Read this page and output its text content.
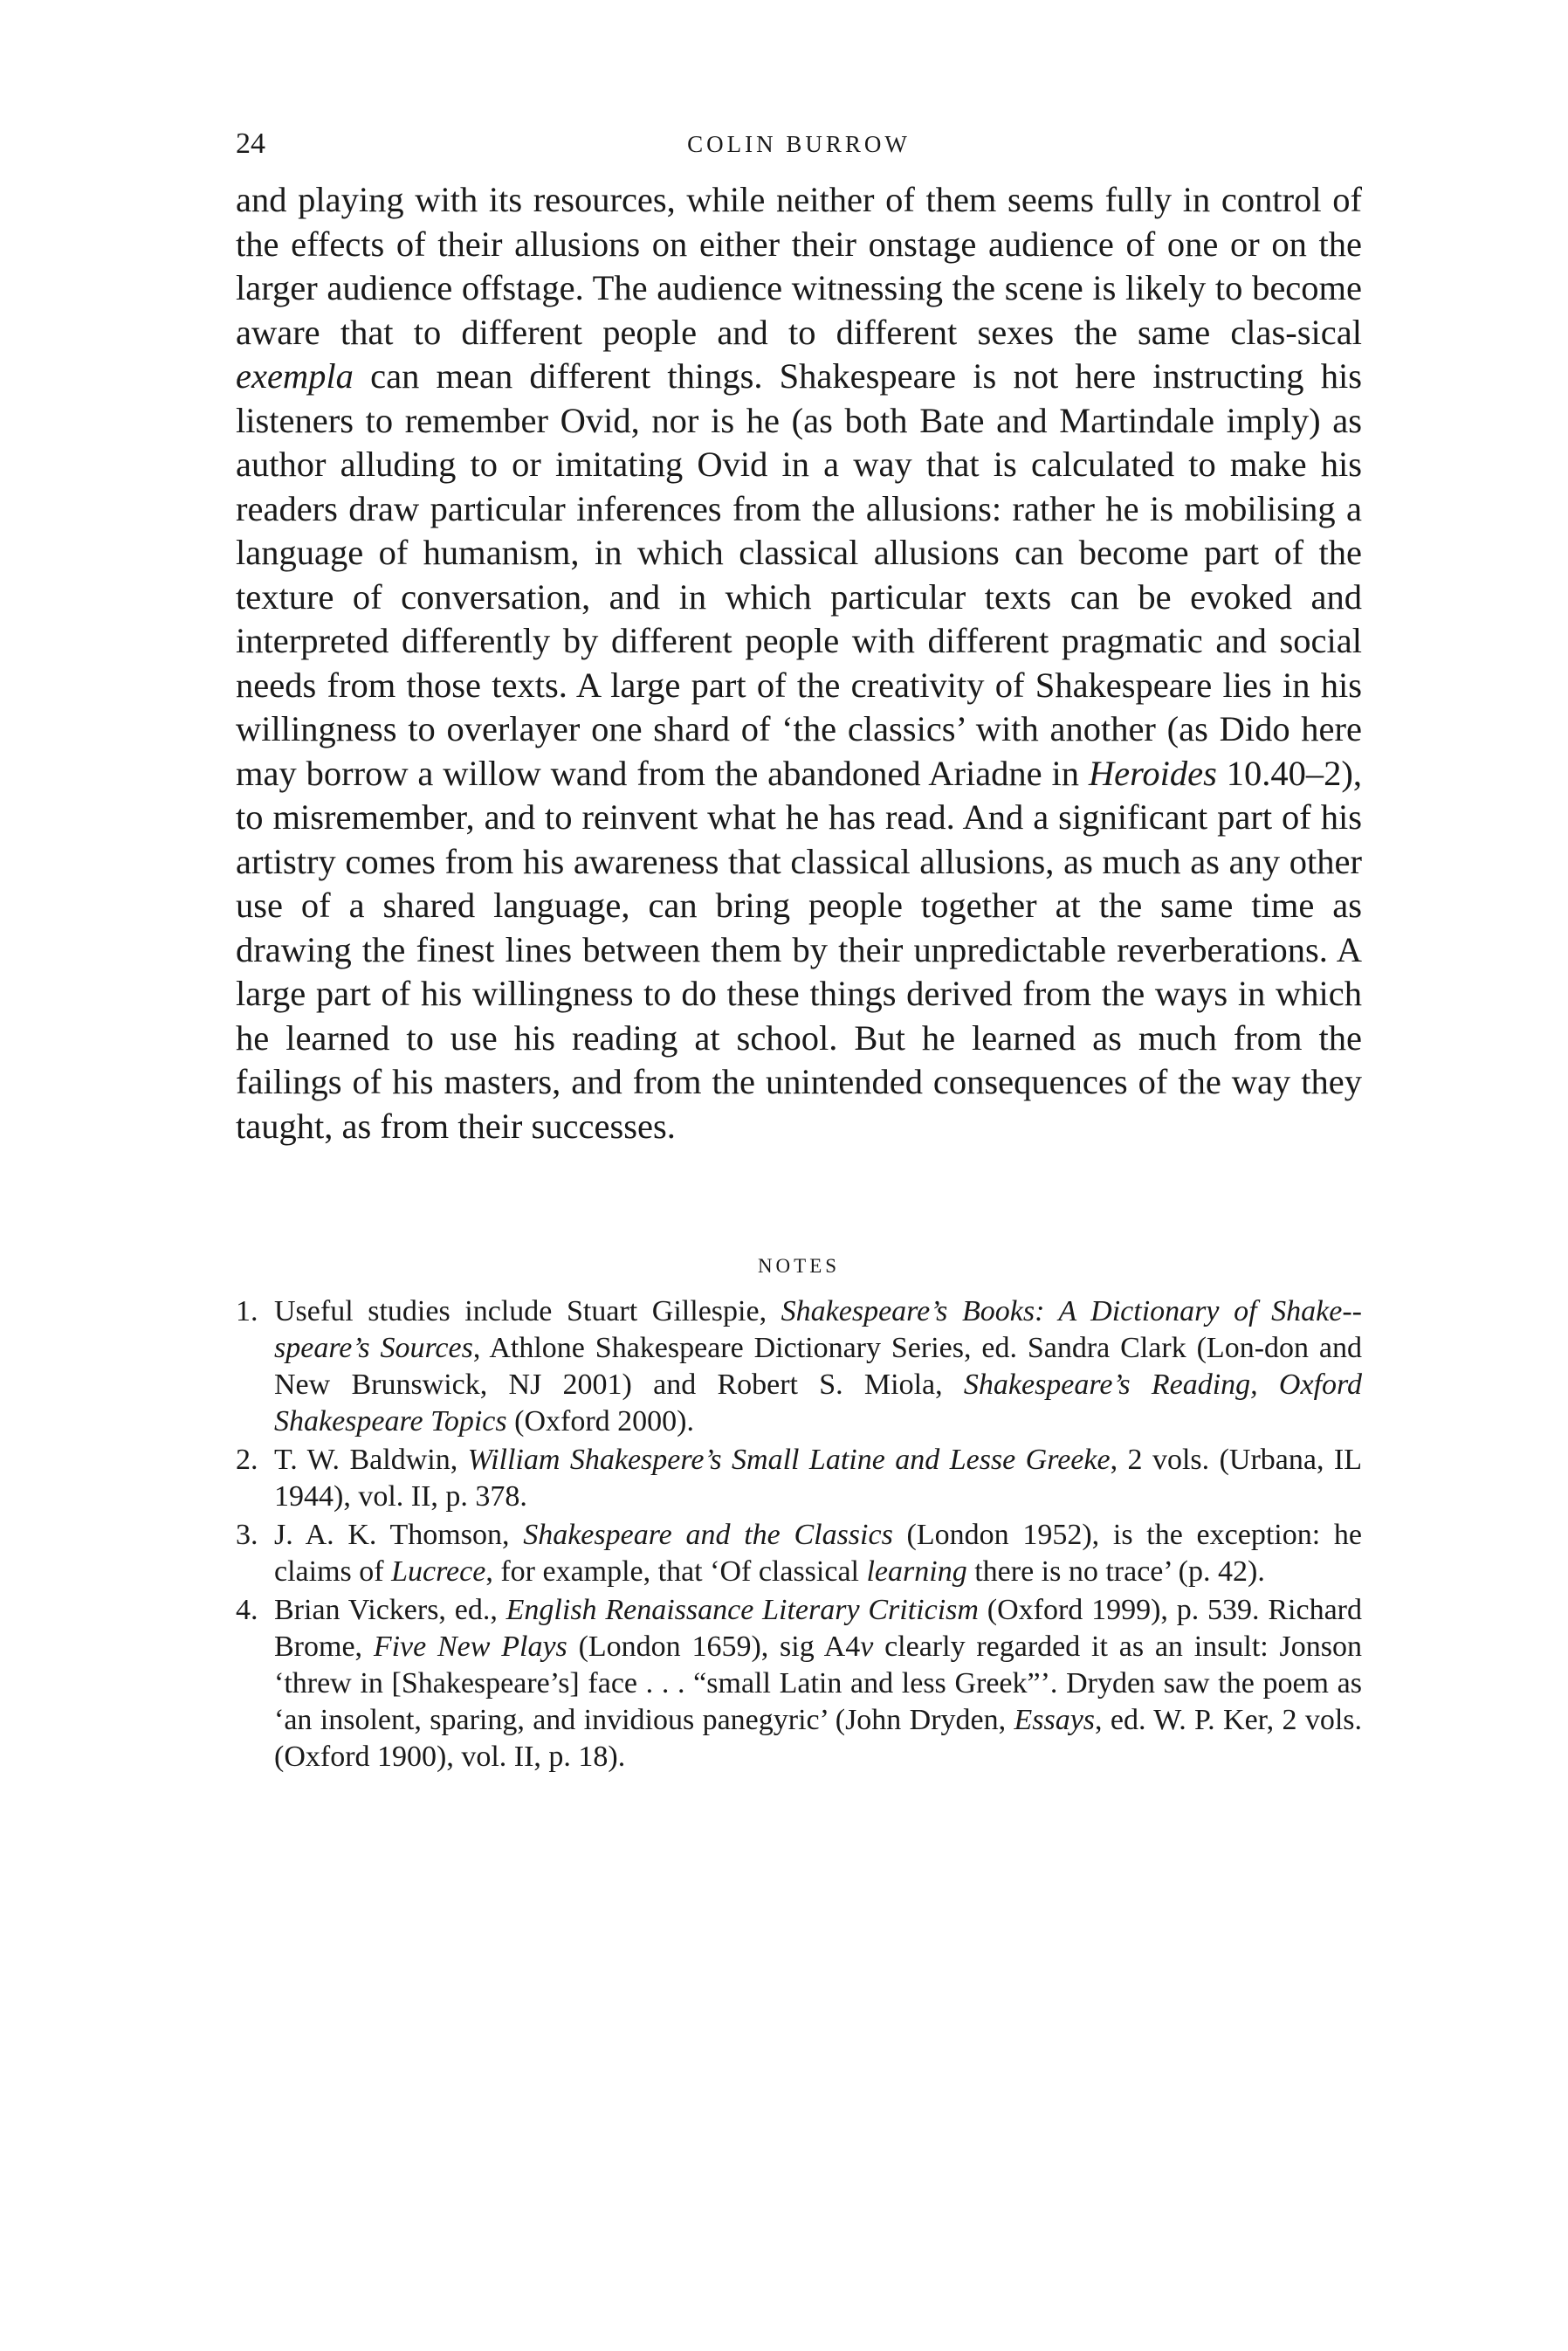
24	COLIN BURROW

and playing with its resources, while neither of them seems fully in control of the effects of their allusions on either their onstage audience of one or on the larger audience offstage. The audience witnessing the scene is likely to become aware that to different people and to different sexes the same clas-sical exempla can mean different things. Shakespeare is not here instructing his listeners to remember Ovid, nor is he (as both Bate and Martindale imply) as author alluding to or imitating Ovid in a way that is calculated to make his readers draw particular inferences from the allusions: rather he is mobilising a language of humanism, in which classical allusions can become part of the texture of conversation, and in which particular texts can be evoked and interpreted differently by different people with different pragmatic and social needs from those texts. A large part of the creativity of Shakespeare lies in his willingness to overlayer one shard of ‘the classics’ with another (as Dido here may borrow a willow wand from the abandoned Ariadne in Heroides 10.40–2), to misremember, and to reinvent what he has read. And a significant part of his artistry comes from his awareness that classical allusions, as much as any other use of a shared language, can bring people together at the same time as drawing the finest lines between them by their unpredictable reverberations. A large part of his willingness to do these things derived from the ways in which he learned to use his reading at school. But he learned as much from the failings of his masters, and from the unintended consequences of the way they taught, as from their successes.

NOTES
1. Useful studies include Stuart Gillespie, Shakespeare’s Books: A Dictionary of Shake-speare’s Sources, Athlone Shakespeare Dictionary Series, ed. Sandra Clark (Lon-don and New Brunswick, NJ 2001) and Robert S. Miola, Shakespeare’s Reading, Oxford Shakespeare Topics (Oxford 2000).
2. T. W. Baldwin, William Shakespere’s Small Latine and Lesse Greeke, 2 vols. (Urbana, IL 1944), vol. II, p. 378.
3. J. A. K. Thomson, Shakespeare and the Classics (London 1952), is the exception: he claims of Lucrece, for example, that ‘Of classical learning there is no trace’ (p. 42).
4. Brian Vickers, ed., English Renaissance Literary Criticism (Oxford 1999), p. 539. Richard Brome, Five New Plays (London 1659), sig A4v clearly regarded it as an insult: Jonson ‘threw in [Shakespeare’s] face . . . “small Latin and less Greek”’. Dryden saw the poem as ‘an insolent, sparing, and invidious panegyric’ (John Dryden, Essays, ed. W. P. Ker, 2 vols. (Oxford 1900), vol. II, p. 18).
